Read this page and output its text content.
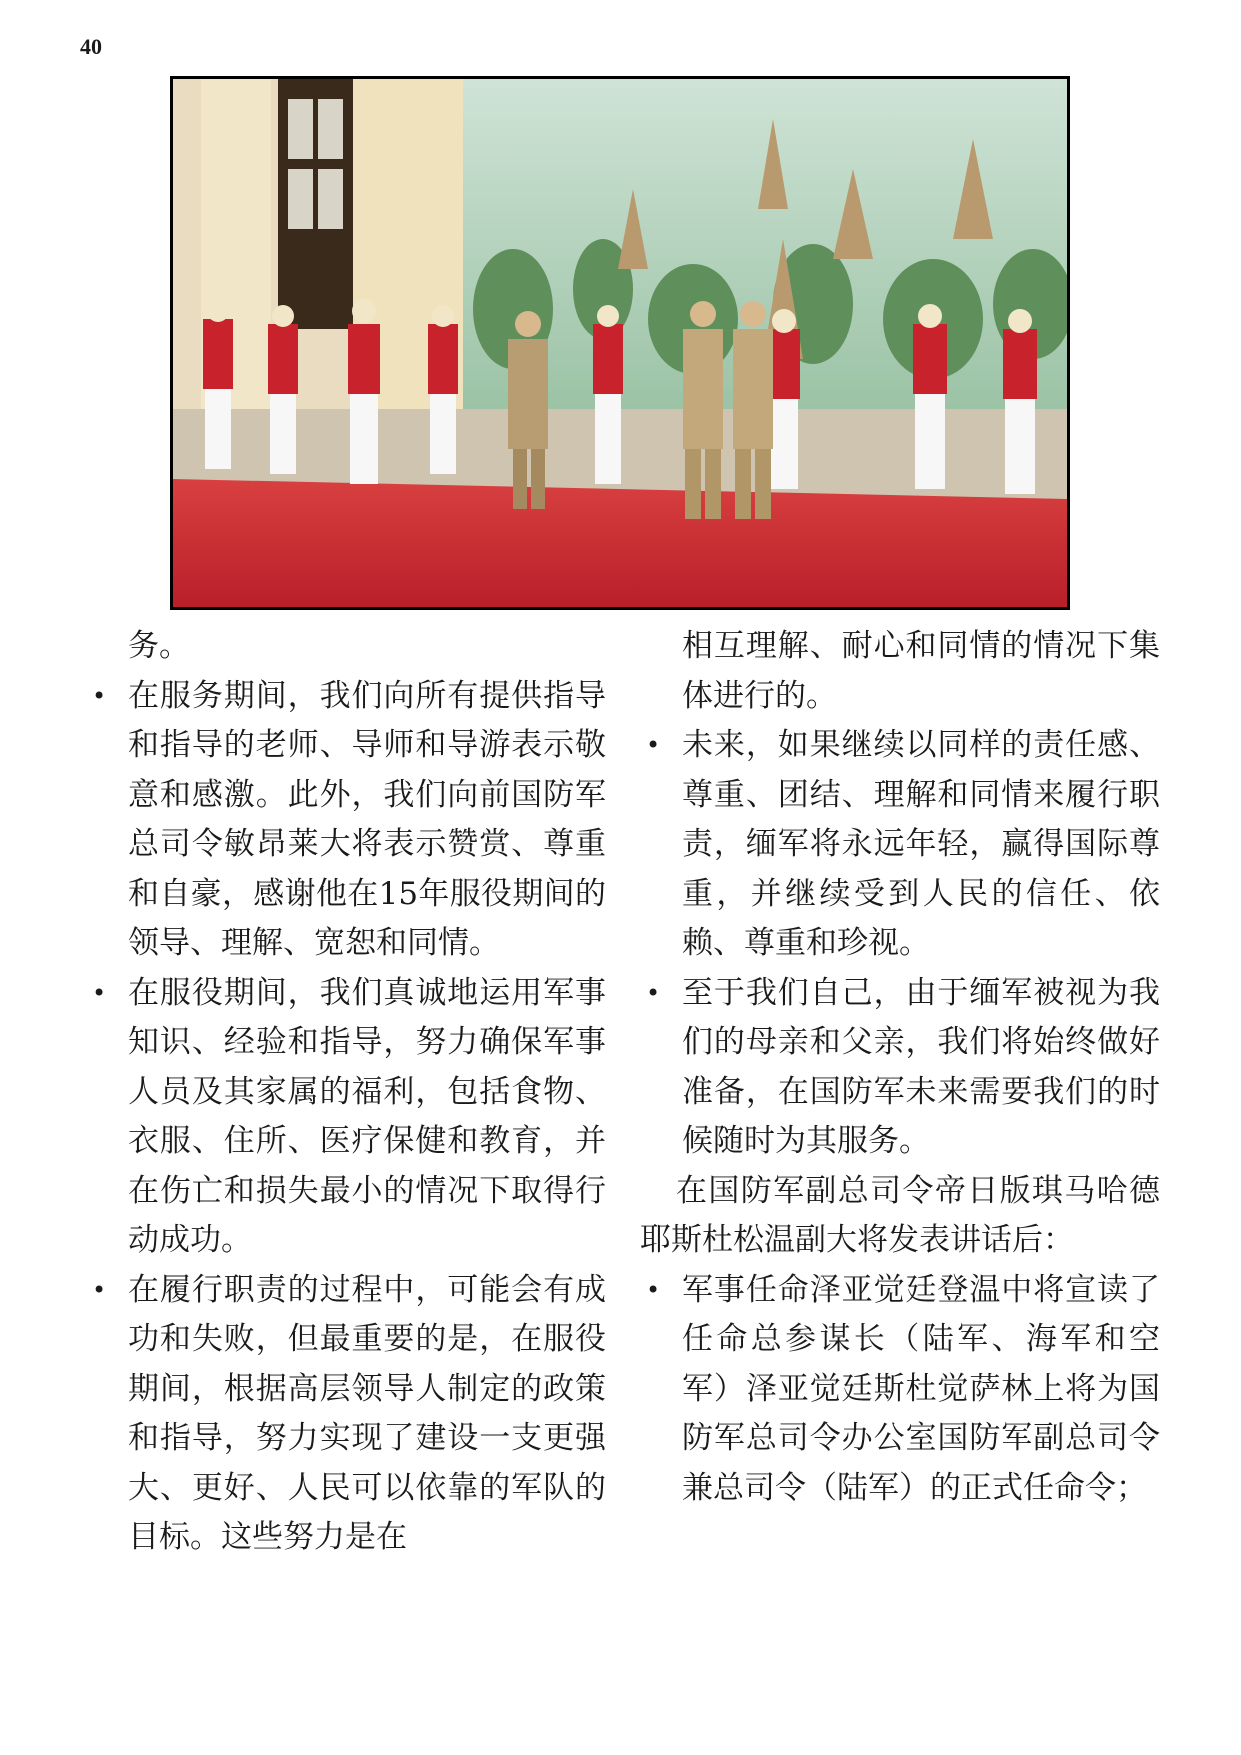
40

务。

• 在服务期间，我们向所有提供指导和指导的老师、导师和导游表示敬意和感激。此外，我们向前国防军总司令敏昂莱大将表示赞赏、尊重和自豪，感谢他在15年服役期间的领导、理解、宽恕和同情。

• 在服役期间，我们真诚地运用军事知识、经验和指导，努力确保军事人员及其家属的福利，包括食物、衣服、住所、医疗保健和教育，并在伤亡和损失最小的情况下取得行动成功。

• 在履行职责的过程中，可能会有成功和失败，但最重要的是，在服役期间，根据高层领导人制定的政策和指导，努力实现了建设一支更强大、更好、人民可以依靠的军队的目标。这些努力是在

相互理解、耐心和同情的情况下集体进行的。

• 未来，如果继续以同样的责任感、尊重、团结、理解和同情来履行职责，缅军将永远年轻，赢得国际尊重，并继续受到人民的信任、依赖、尊重和珍视。

• 至于我们自己，由于缅军被视为我们的母亲和父亲，我们将始终做好准备，在国防军未来需要我们的时候随时为其服务。

在国防军副总司令帝日版琪马哈德耶斯杜松温副大将发表讲话后：

• 军事任命泽亚觉廷登温中将宣读了任命总参谋长（陆军、海军和空军）泽亚觉廷斯杜觉萨林上将为国防军总司令办公室国防军副总司令兼总司令（陆军）的正式任命令；
